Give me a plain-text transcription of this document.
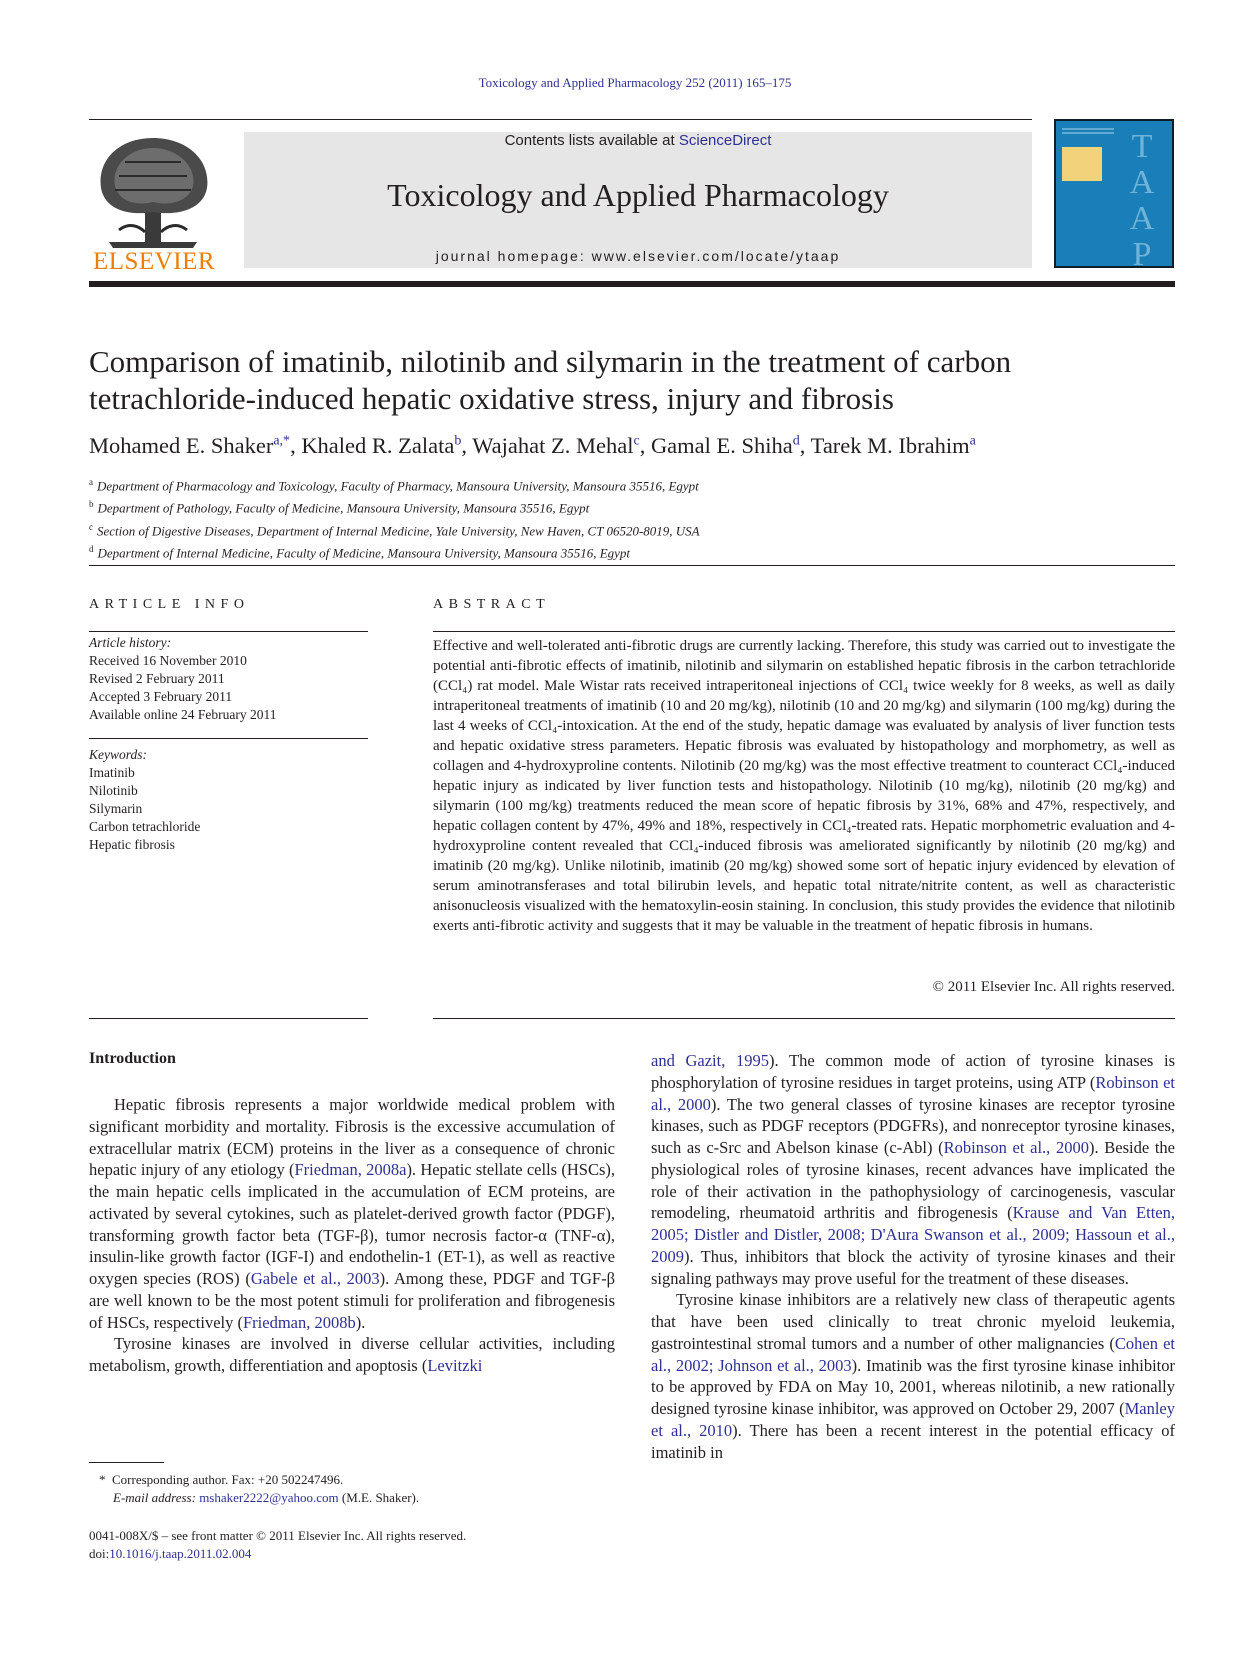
Toxicology and Applied Pharmacology 252 (2011) 165–175
ELSEVIER
Contents lists available at ScienceDirect
Toxicology and Applied Pharmacology
journal homepage: www.elsevier.com/locate/ytaap
T
A
A
P
Comparison of imatinib, nilotinib and silymarin in the treatment of carbon tetrachloride-induced hepatic oxidative stress, injury and fibrosis
Mohamed E. Shaker$^{a,*}$, Khaled R. Zalata$^b$, Wajahat Z. Mehal$^c$, Gamal E. Shiha$^d$, Tarek M. Ibrahim$^a$
$^a$ Department of Pharmacology and Toxicology, Faculty of Pharmacy, Mansoura University, Mansoura 35516, Egypt
$^b$ Department of Pathology, Faculty of Medicine, Mansoura University, Mansoura 35516, Egypt
$^c$ Section of Digestive Diseases, Department of Internal Medicine, Yale University, New Haven, CT 06520-8019, USA
$^d$ Department of Internal Medicine, Faculty of Medicine, Mansoura University, Mansoura 35516, Egypt
ARTICLE INFO	ABSTRACT
Article history:
Received 16 November 2010
Revised 2 February 2011
Accepted 3 February 2011
Available online 24 February 2011
Keywords:
Imatinib
Nilotinib
Silymarin
Carbon tetrachloride
Hepatic fibrosis
Effective and well-tolerated anti-fibrotic drugs are currently lacking. Therefore, this study was carried out to investigate the potential anti-fibrotic effects of imatinib, nilotinib and silymarin on established hepatic fibrosis in the carbon tetrachloride (CCl₄) rat model. Male Wistar rats received intraperitoneal injections of CCl₄ twice weekly for 8 weeks, as well as daily intraperitoneal treatments of imatinib (10 and 20 mg/kg), nilotinib (10 and 20 mg/kg) and silymarin (100 mg/kg) during the last 4 weeks of CCl₄-intoxication. At the end of the study, hepatic damage was evaluated by analysis of liver function tests and hepatic oxidative stress parameters. Hepatic fibrosis was evaluated by histopathology and morphometry, as well as collagen and 4-hydroxyproline contents. Nilotinib (20 mg/kg) was the most effective treatment to counteract CCl₄-induced hepatic injury as indicated by liver function tests and histopathology. Nilotinib (10 mg/kg), nilotinib (20 mg/kg) and silymarin (100 mg/kg) treatments reduced the mean score of hepatic fibrosis by 31%, 68% and 47%, respectively, and hepatic collagen content by 47%, 49% and 18%, respectively in CCl₄-treated rats. Hepatic morphometric evaluation and 4-hydroxyproline content revealed that CCl₄-induced fibrosis was ameliorated significantly by nilotinib (20 mg/kg) and imatinib (20 mg/kg). Unlike nilotinib, imatinib (20 mg/kg) showed some sort of hepatic injury evidenced by elevation of serum aminotransferases and total bilirubin levels, and hepatic total nitrate/nitrite content, as well as characteristic anisonucleosis visualized with the hematoxylin-eosin staining. In conclusion, this study provides the evidence that nilotinib exerts anti-fibrotic activity and suggests that it may be valuable in the treatment of hepatic fibrosis in humans.
© 2011 Elsevier Inc. All rights reserved.
Introduction

Hepatic fibrosis represents a major worldwide medical problem with significant morbidity and mortality. Fibrosis is the excessive accumulation of extracellular matrix (ECM) proteins in the liver as a consequence of chronic hepatic injury of any etiology (Friedman, 2008a). Hepatic stellate cells (HSCs), the main hepatic cells implicated in the accumulation of ECM proteins, are activated by several cytokines, such as platelet-derived growth factor (PDGF), transforming growth factor beta (TGF-β), tumor necrosis factor-α (TNF-α), insulin-like growth factor (IGF-I) and endothelin-1 (ET-1), as well as reactive oxygen species (ROS) (Gabele et al., 2003). Among these, PDGF and TGF-β are well known to be the most potent stimuli for proliferation and fibrogenesis of HSCs, respectively (Friedman, 2008b).

Tyrosine kinases are involved in diverse cellular activities, including metabolism, growth, differentiation and apoptosis (Levitzki

and Gazit, 1995). The common mode of action of tyrosine kinases is phosphorylation of tyrosine residues in target proteins, using ATP (Robinson et al., 2000). The two general classes of tyrosine kinases are receptor tyrosine kinases, such as PDGF receptors (PDGFRs), and nonreceptor tyrosine kinases, such as c-Src and Abelson kinase (c-Abl) (Robinson et al., 2000). Beside the physiological roles of tyrosine kinases, recent advances have implicated the role of their activation in the pathophysiology of carcinogenesis, vascular remodeling, rheumatoid arthritis and fibrogenesis (Krause and Van Etten, 2005; Distler and Distler, 2008; D'Aura Swanson et al., 2009; Hassoun et al., 2009). Thus, inhibitors that block the activity of tyrosine kinases and their signaling pathways may prove useful for the treatment of these diseases.

Tyrosine kinase inhibitors are a relatively new class of therapeutic agents that have been used clinically to treat chronic myeloid leukemia, gastrointestinal stromal tumors and a number of other malignancies (Cohen et al., 2002; Johnson et al., 2003). Imatinib was the first tyrosine kinase inhibitor to be approved by FDA on May 10, 2001, whereas nilotinib, a new rationally designed tyrosine kinase inhibitor, was approved on October 29, 2007 (Manley et al., 2010). There has been a recent interest in the potential efficacy of imatinib in

* Corresponding author. Fax: +20 502247496.
E-mail address: mshaker2222@yahoo.com (M.E. Shaker).
0041-008X/$ – see front matter © 2011 Elsevier Inc. All rights reserved.
doi:10.1016/j.taap.2011.02.004
